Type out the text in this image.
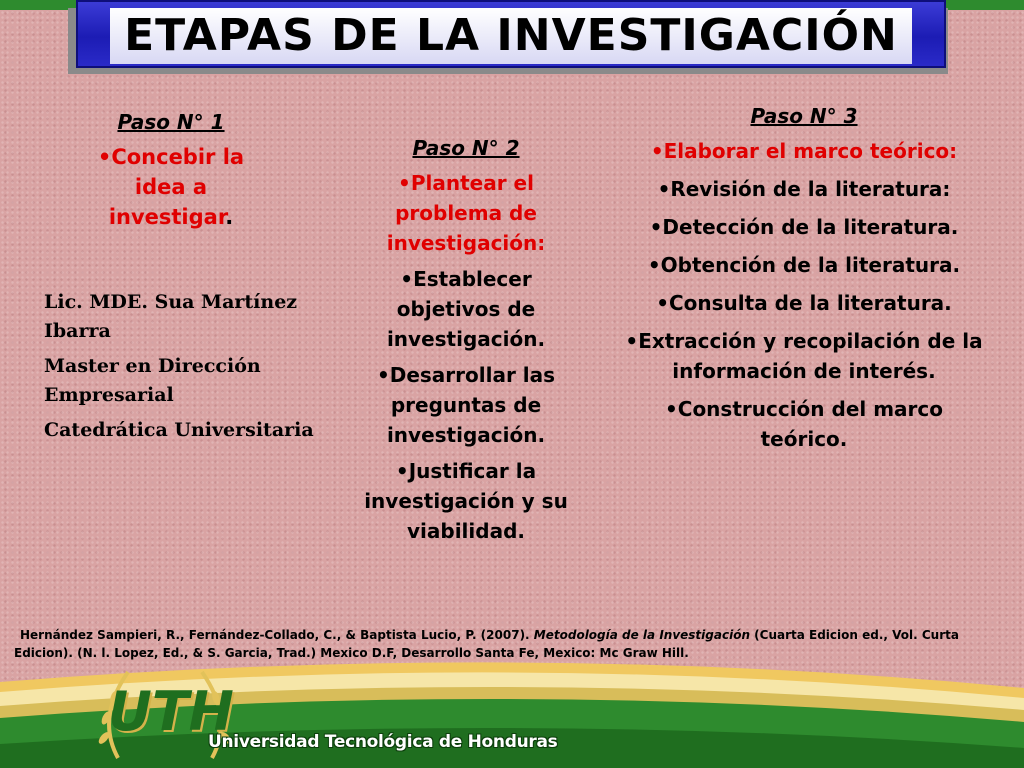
ETAPAS DE LA INVESTIGACIÓN

Paso N° 1

•Concebir la idea a investigar.

Lic. MDE. Sua Martínez Ibarra

Master en Dirección Empresarial

Catedrática Universitaria

Paso N° 2

•Plantear el problema de investigación:

•Establecer objetivos de investigación.

•Desarrollar las preguntas de investigación.

•Justificar la investigación y su viabilidad.

Paso N° 3

•Elaborar el marco teórico:

•Revisión de la literatura:

•Detección de la literatura.

•Obtención de la literatura.

•Consulta de la literatura.

•Extracción y recopilación de la información de interés.

•Construcción del marco teórico.

Hernández Sampieri, R., Fernández-Collado, C., & Baptista Lucio, P. (2007). Metodología de la Investigación (Cuarta Edicion ed., Vol. Curta Edicion). (N. l. Lopez, Ed., & S. Garcia, Trad.) Mexico D.F, Desarrollo Santa Fe, Mexico: Mc Graw Hill.
UTH
Universidad Tecnológica de Honduras
